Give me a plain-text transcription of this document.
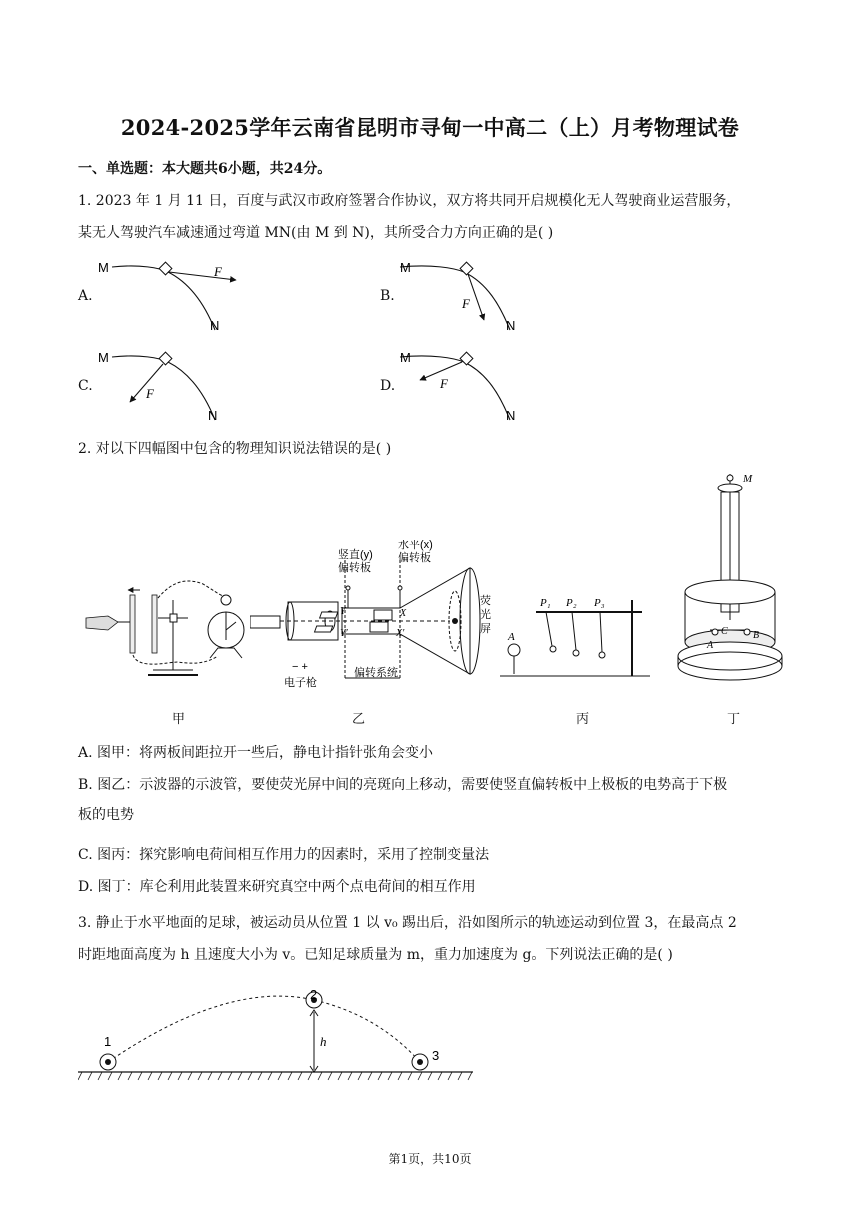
2024-2025学年云南省昆明市寻甸一中高二（上）月考物理试卷
一、单选题：本大题共6小题，共24分。
1. 2023 年 1 月 11 日，百度与武汉市政府签署合作协议，双方将共同开启规模化无人驾驶商业运营服务，
某无人驾驶汽车减速通过弯道 MN(由 M 到 N)，其所受合力方向正确的是( )
A.	B.
C.	D.
M
N
F	M
N
F
M
N
F
M
N
F
2. 对以下四幅图中包含的物理知识说法错误的是( )
甲
竖直(y)
偏转板
水平(x)
偏转板
荧
光
屏
Y
Y′
X
X′
− +
电子枪
偏转系统
乙
P₁ P₂ P₃
A
丙
M
C	B
A
丁
A. 图甲：将两板间距拉开一些后，静电计指针张角会变小
B. 图乙：示波器的示波管，要使荧光屏中间的亮斑向上移动，需要使竖直偏转板中上极板的电势高于下极
板的电势
C. 图丙：探究影响电荷间相互作用力的因素时，采用了控制变量法
D. 图丁：库仑利用此装置来研究真空中两个点电荷间的相互作用
3. 静止于水平地面的足球，被运动员从位置 1 以 v₀ 踢出后，沿如图所示的轨迹运动到位置 3，在最高点 2
时距地面高度为 h 且速度大小为 v。已知足球质量为 m，重力加速度为 g。下列说法正确的是( )
1
2
3
h
第1页，共10页
